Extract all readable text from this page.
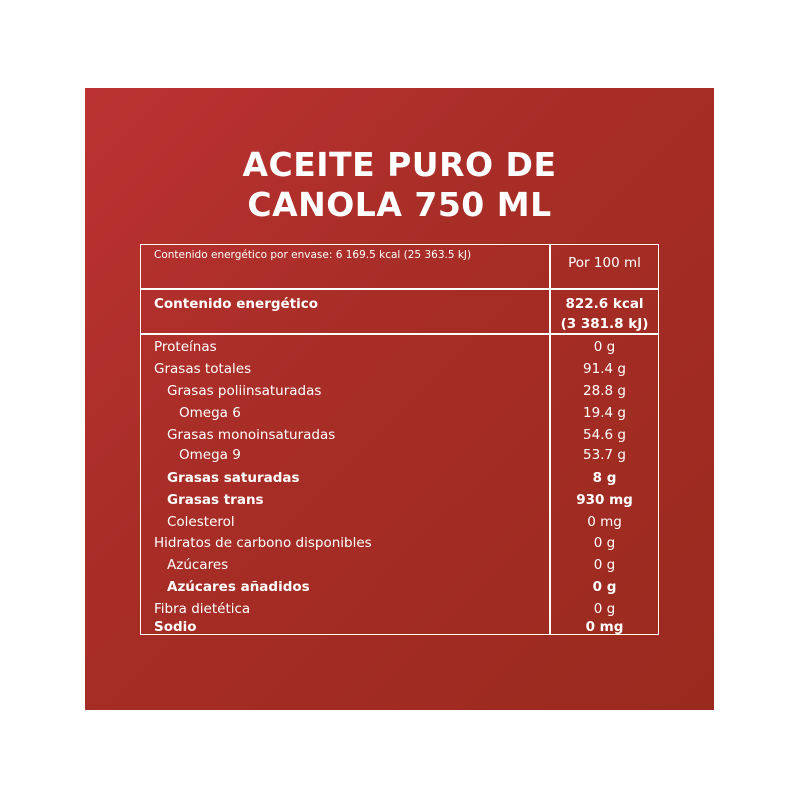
ACEITE PURO DE
CANOLA 750 ML
Contenido energético por envase: 6 169.5 kcal (25 363.5 kJ)	Por 100 ml
Contenido energético	822.6 kcal
(3 381.8 kJ)
Proteínas	0 g
Grasas totales	91.4 g
Grasas poliinsaturadas	28.8 g
Omega 6	19.4 g
Grasas monoinsaturadas	54.6 g
Omega 9	53.7 g
Grasas saturadas	8 g
Grasas trans	930 mg
Colesterol	0 mg
Hidratos de carbono disponibles	0 g
Azúcares	0 g
Azúcares añadidos	0 g
Fibra dietética	0 g
Sodio	0 mg
